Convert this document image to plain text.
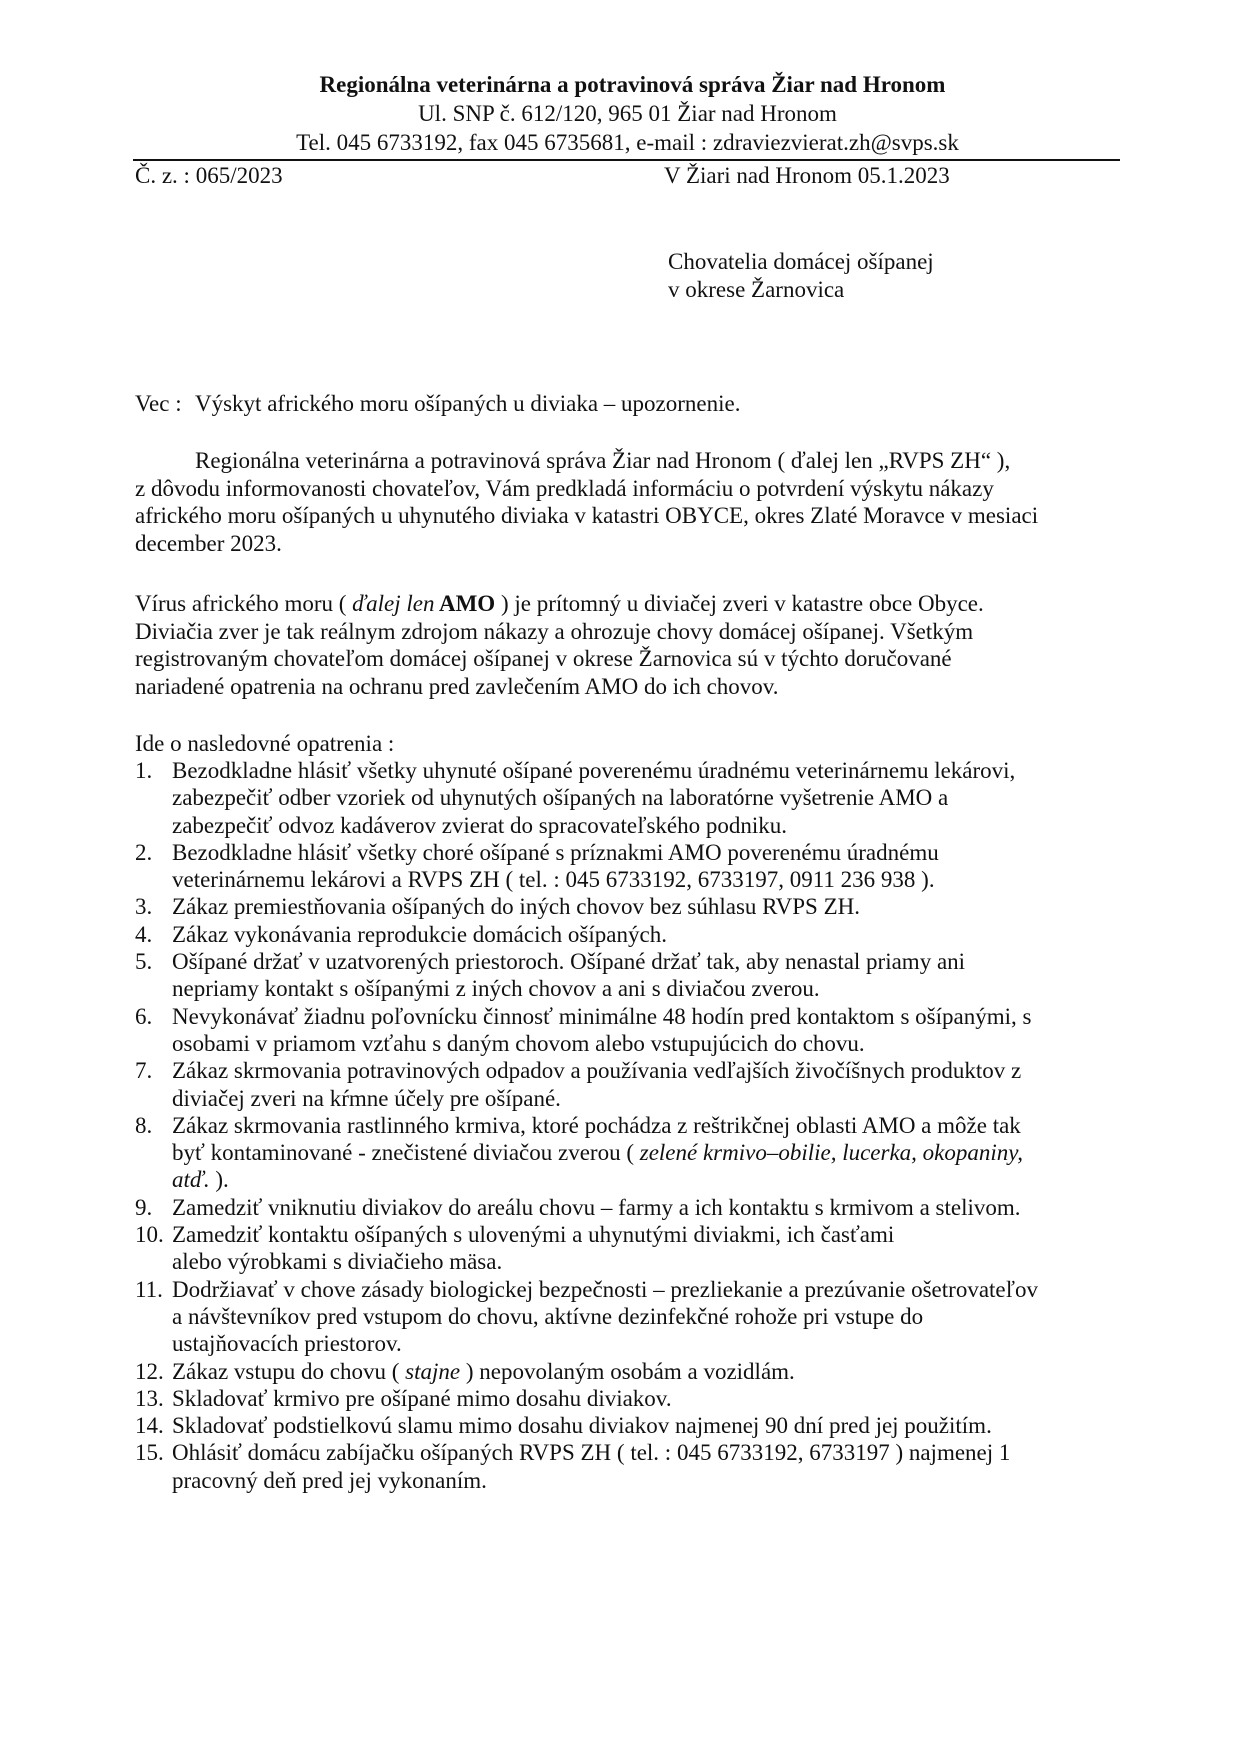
Regionálna veterinárna a potravinová správa Žiar nad Hronom
Ul. SNP č. 612/120, 965 01 Žiar nad Hronom
Tel. 045 6733192, fax 045 6735681, e-mail : zdraviezvierat.zh@svps.sk
Č. z. : 065/2023	V Žiari nad Hronom 05.1.2023
Chovatelia domácej ošípanej
v okrese Žarnovica
Vec : Výskyt afrického moru ošípaných u diviaka – upozornenie.
Regionálna veterinárna a potravinová správa Žiar nad Hronom ( ďalej len „RVPS ZH“ ),
z dôvodu informovanosti chovateľov, Vám predkladá informáciu o potvrdení výskytu nákazy
afrického moru ošípaných u uhynutého diviaka v katastri OBYCE, okres Zlaté Moravce v mesiaci
december 2023.
Vírus afrického moru ( ďalej len AMO ) je prítomný u diviačej zveri v katastre obce Obyce.
Diviačia zver je tak reálnym zdrojom nákazy a ohrozuje chovy domácej ošípanej. Všetkým
registrovaným chovateľom domácej ošípanej v okrese Žarnovica sú v týchto doručované
nariadené opatrenia na ochranu pred zavlečením AMO do ich chovov.
Ide o nasledovné opatrenia :
1. Bezodkladne hlásiť všetky uhynuté ošípané poverenému úradnému veterinárnemu lekárovi,
zabezpečiť odber vzoriek od uhynutých ošípaných na laboratórne vyšetrenie AMO a
zabezpečiť odvoz kadáverov zvierat do spracovateľského podniku.
2. Bezodkladne hlásiť všetky choré ošípané s príznakmi AMO poverenému úradnému
veterinárnemu lekárovi a RVPS ZH ( tel. : 045 6733192, 6733197, 0911 236 938 ).
3. Zákaz premiestňovania ošípaných do iných chovov bez súhlasu RVPS ZH.
4. Zákaz vykonávania reprodukcie domácich ošípaných.
5. Ošípané držať v uzatvorených priestoroch. Ošípané držať tak, aby nenastal priamy ani
nepriamy kontakt s ošípanými z iných chovov a ani s diviačou zverou.
6. Nevykonávať žiadnu poľovnícku činnosť minimálne 48 hodín pred kontaktom s ošípanými, s
osobami v priamom vzťahu s daným chovom alebo vstupujúcich do chovu.
7. Zákaz skrmovania potravinových odpadov a používania vedľajších živočíšnych produktov z
diviačej zveri na kŕmne účely pre ošípané.
8. Zákaz skrmovania rastlinného krmiva, ktoré pochádza z reštrikčnej oblasti AMO a môže tak
byť kontaminované - znečistené diviačou zverou ( zelené krmivo–obilie, lucerka, okopaniny,
atď. ).
9. Zamedziť vniknutiu diviakov do areálu chovu – farmy a ich kontaktu s krmivom a stelivom.
10. Zamedziť kontaktu ošípaných s ulovenými a uhynutými diviakmi, ich časťami
alebo výrobkami s diviačieho mäsa.
11. Dodržiavať v chove zásady biologickej bezpečnosti – prezliekanie a prezúvanie ošetrovateľov
a návštevníkov pred vstupom do chovu, aktívne dezinfekčné rohože pri vstupe do
ustajňovacích priestorov.
12. Zákaz vstupu do chovu ( stajne ) nepovolaným osobám a vozidlám.
13. Skladovať krmivo pre ošípané mimo dosahu diviakov.
14. Skladovať podstielkovú slamu mimo dosahu diviakov najmenej 90 dní pred jej použitím.
15. Ohlásiť domácu zabíjačku ošípaných RVPS ZH ( tel. : 045 6733192, 6733197 ) najmenej 1
pracovný deň pred jej vykonaním.
